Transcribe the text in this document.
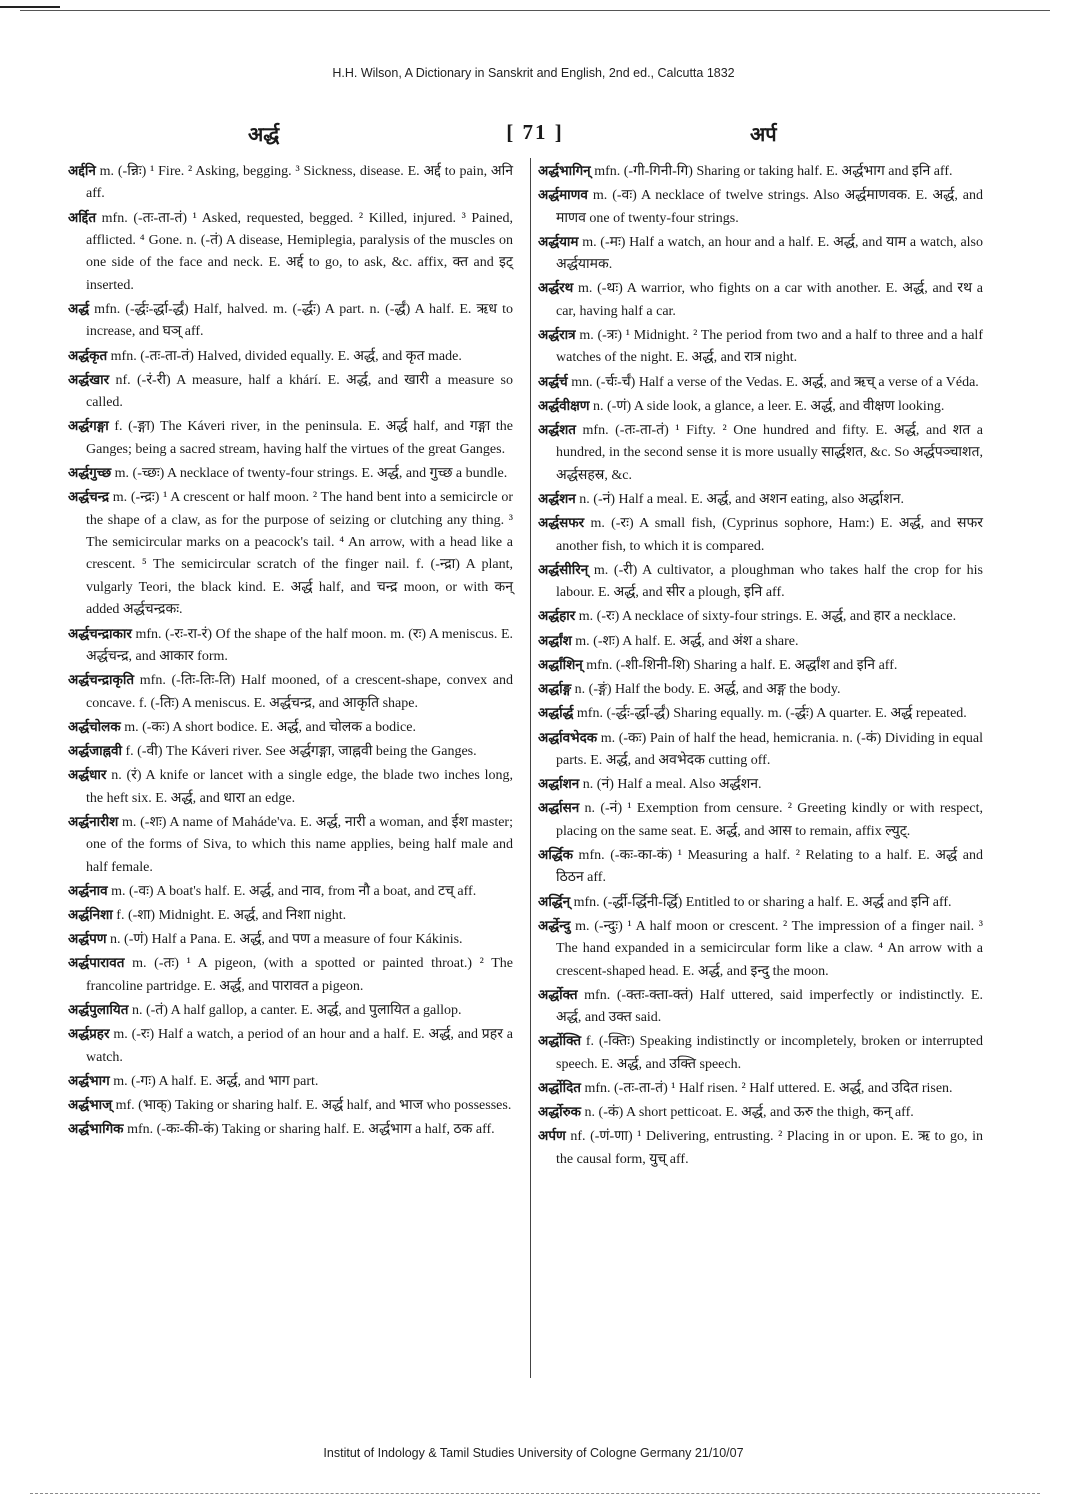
H.H. Wilson, A Dictionary in Sanskrit and English, 2nd ed., Calcutta 1832
अर्द्ध	[ 71 ]	अर्प

अर्द्दनि m. (-न्निः) ¹ Fire. ² Asking, begging. ³ Sickness, disease. E. अर्द्द to pain, अनि aff.

अर्द्दित mfn. (-तः-ता-तं) ¹ Asked, requested, begged. ² Killed, injured. ³ Pained, afflicted. ⁴ Gone. n. (-तं) A disease, Hemiplegia, paralysis of the muscles on one side of the face and neck. E. अर्द्द to go, to ask, &c. affix, क्त and इट् inserted.

अर्द्ध mfn. (-र्द्धः-र्द्धा-र्द्धं) Half, halved. m. (-र्द्धः) A part. n. (-र्द्धं) A half. E. ऋध to increase, and घञ् aff.

अर्द्धकृत mfn. (-तः-ता-तं) Halved, divided equally. E. अर्द्ध, and कृत made.

अर्द्धखार nf. (-रं-री) A measure, half a khárí. E. अर्द्ध, and खारी a measure so called.

अर्द्धगङ्गा f. (-ङ्गा) The Káveri river, in the peninsula. E. अर्द्ध half, and गङ्गा the Ganges; being a sacred stream, having half the virtues of the great Ganges.

अर्द्धगुच्छ m. (-च्छः) A necklace of twenty-four strings. E. अर्द्ध, and गुच्छ a bundle.

अर्द्धचन्द्र m. (-न्द्रः) ¹ A crescent or half moon. ² The hand bent into a semicircle or the shape of a claw, as for the purpose of seizing or clutching any thing. ³ The semicircular marks on a peacock's tail. ⁴ An arrow, with a head like a crescent. ⁵ The semicircular scratch of the finger nail. f. (-न्द्रा) A plant, vulgarly Teori, the black kind. E. अर्द्ध half, and चन्द्र moon, or with कन् added अर्द्धचन्द्रकः.

अर्द्धचन्द्राकार mfn. (-रः-रा-रं) Of the shape of the half moon. m. (रः) A meniscus. E. अर्द्धचन्द्र, and आकार form.

अर्द्धचन्द्राकृति mfn. (-तिः-तिः-ति) Half mooned, of a crescent-shape, convex and concave. f. (-तिः) A meniscus. E. अर्द्धचन्द्र, and आकृति shape.

अर्द्धचोलक m. (-कः) A short bodice. E. अर्द्ध, and चोलक a bodice.

अर्द्धजाह्नवी f. (-वी) The Káveri river. See अर्द्धगङ्गा, जाह्नवी being the Ganges.

अर्द्धधार n. (रं) A knife or lancet with a single edge, the blade two inches long, the heft six. E. अर्द्ध, and धारा an edge.

अर्द्धनारीश m. (-शः) A name of Maháde'va. E. अर्द्ध, नारी a woman, and ईश master; one of the forms of Siva, to which this name applies, being half male and half female.

अर्द्धनाव m. (-वः) A boat's half. E. अर्द्ध, and नाव, from नौ a boat, and टच् aff.

अर्द्धनिशा f. (-शा) Midnight. E. अर्द्ध, and निशा night.

अर्द्धपण n. (-णं) Half a Pana. E. अर्द्ध, and पण a measure of four Kákinis.

अर्द्धपारावत m. (-तः) ¹ A pigeon, (with a spotted or painted throat.) ² The francoline partridge. E. अर्द्ध, and पारावत a pigeon.

अर्द्धपुलायित n. (-तं) A half gallop, a canter. E. अर्द्ध, and पुलायित a gallop.

अर्द्धप्रहर m. (-रः) Half a watch, a period of an hour and a half. E. अर्द्ध, and प्रहर a watch.

अर्द्धभाग m. (-गः) A half. E. अर्द्ध, and भाग part.

अर्द्धभाज् mf. (भाक्) Taking or sharing half. E. अर्द्ध half, and भाज who possesses.

अर्द्धभागिक mfn. (-कः-की-कं) Taking or sharing half. E. अर्द्धभाग a half, ठक aff.

अर्द्धभागिन् mfn. (-गी-गिनी-गि) Sharing or taking half. E. अर्द्धभाग and इनि aff.

अर्द्धमाणव m. (-वः) A necklace of twelve strings. Also अर्द्धमाणवक. E. अर्द्ध, and माणव one of twenty-four strings.

अर्द्धयाम m. (-मः) Half a watch, an hour and a half. E. अर्द्ध, and याम a watch, also अर्द्धयामक.

अर्द्धरथ m. (-थः) A warrior, who fights on a car with another. E. अर्द्ध, and रथ a car, having half a car.

अर्द्धरात्र m. (-त्रः) ¹ Midnight. ² The period from two and a half to three and a half watches of the night. E. अर्द्ध, and रात्र night.

अर्द्धर्च mn. (-र्चः-र्चं) Half a verse of the Vedas. E. अर्द्ध, and ऋच् a verse of a Véda.

अर्द्धवीक्षण n. (-णं) A side look, a glance, a leer. E. अर्द्ध, and वीक्षण looking.

अर्द्धशत mfn. (-तः-ता-तं) ¹ Fifty. ² One hundred and fifty. E. अर्द्ध, and शत a hundred, in the second sense it is more usually सार्द्धशत, &c. So अर्द्धपञ्चाशत, अर्द्धसहस्र, &c.

अर्द्धशन n. (-नं) Half a meal. E. अर्द्ध, and अशन eating, also अर्द्धाशन.

अर्द्धसफर m. (-रः) A small fish, (Cyprinus sophore, Ham:) E. अर्द्ध, and सफर another fish, to which it is compared.

अर्द्धसीरिन् m. (-री) A cultivator, a ploughman who takes half the crop for his labour. E. अर्द्ध, and सीर a plough, इनि aff.

अर्द्धहार m. (-रः) A necklace of sixty-four strings. E. अर्द्ध, and हार a necklace.

अर्द्धांश m. (-शः) A half. E. अर्द्ध, and अंश a share.

अर्द्धांशिन् mfn. (-शी-शिनी-शि) Sharing a half. E. अर्द्धांश and इनि aff.

अर्द्धाङ्ग n. (-ङ्गं) Half the body. E. अर्द्ध, and अङ्ग the body.

अर्द्धार्द्ध mfn. (-र्द्धः-र्द्धा-र्द्धं) Sharing equally. m. (-र्द्धः) A quarter. E. अर्द्ध repeated.

अर्द्धावभेदक m. (-कः) Pain of half the head, hemicrania. n. (-कं) Dividing in equal parts. E. अर्द्ध, and अवभेदक cutting off.

अर्द्धाशन n. (नं) Half a meal. Also अर्द्धशन.

अर्द्धासन n. (-नं) ¹ Exemption from censure. ² Greeting kindly or with respect, placing on the same seat. E. अर्द्ध, and आस to remain, affix ल्युट्.

अर्द्धिक mfn. (-कः-का-कं) ¹ Measuring a half. ² Relating to a half. E. अर्द्ध and ठिठन aff.

अर्द्धिन् mfn. (-र्द्धी-र्द्धिनी-र्द्धि) Entitled to or sharing a half. E. अर्द्ध and इनि aff.

अर्द्धेन्दु m. (-न्दुः) ¹ A half moon or crescent. ² The impression of a finger nail. ³ The hand expanded in a semicircular form like a claw. ⁴ An arrow with a crescent-shaped head. E. अर्द्ध, and इन्दु the moon.

अर्द्धोक्त mfn. (-क्तः-क्ता-क्तं) Half uttered, said imperfectly or indistinctly. E. अर्द्ध, and उक्त said.

अर्द्धोक्ति f. (-क्तिः) Speaking indistinctly or incompletely, broken or interrupted speech. E. अर्द्ध, and उक्ति speech.

अर्द्धोदित mfn. (-तः-ता-तं) ¹ Half risen. ² Half uttered. E. अर्द्ध, and उदित risen.

अर्द्धोरुक n. (-कं) A short petticoat. E. अर्द्ध, and ऊरु the thigh, कन् aff.

अर्पण nf. (-णं-णा) ¹ Delivering, entrusting. ² Placing in or upon. E. ऋ to go, in the causal form, युच् aff.

Institut of Indology & Tamil Studies University of Cologne Germany 21/10/07
